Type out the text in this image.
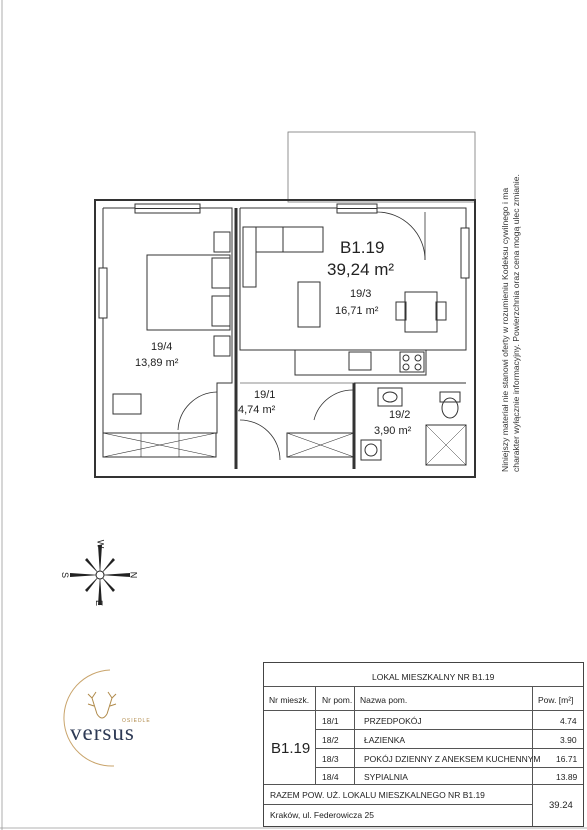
B1.19
39,24 m²
19/4
13,89 m²
19/3
16,71 m²
19/1
4,74 m²	19/2
3,90 m²	Niniejszy materiał nie stanowi oferty w rozumieniu Kodeksu cywilnego i ma charakter wyłącznie informacyjny. Powierzchnia oraz cena mogą ulec zmianie.
W
E
S	N
OSIEDLE
versus
LOKAL MIESZKALNY NR B1.19
Nr mieszk. Nr pom. Nazwa pom.	Pow. [m²]
B1.19
18/1	PRZEDPOKÓJ	4.74
18/2	ŁAZIENKA	3.90
18/3	POKÓJ DZIENNY Z ANEKSEM KUCHENNYM 16.71
18/4	SYPIALNIA	13.89
RAZEM POW. UŻ. LOKALU MIESZKALNEGO NR B1.19
39.24
Kraków, ul. Federowicza 25
